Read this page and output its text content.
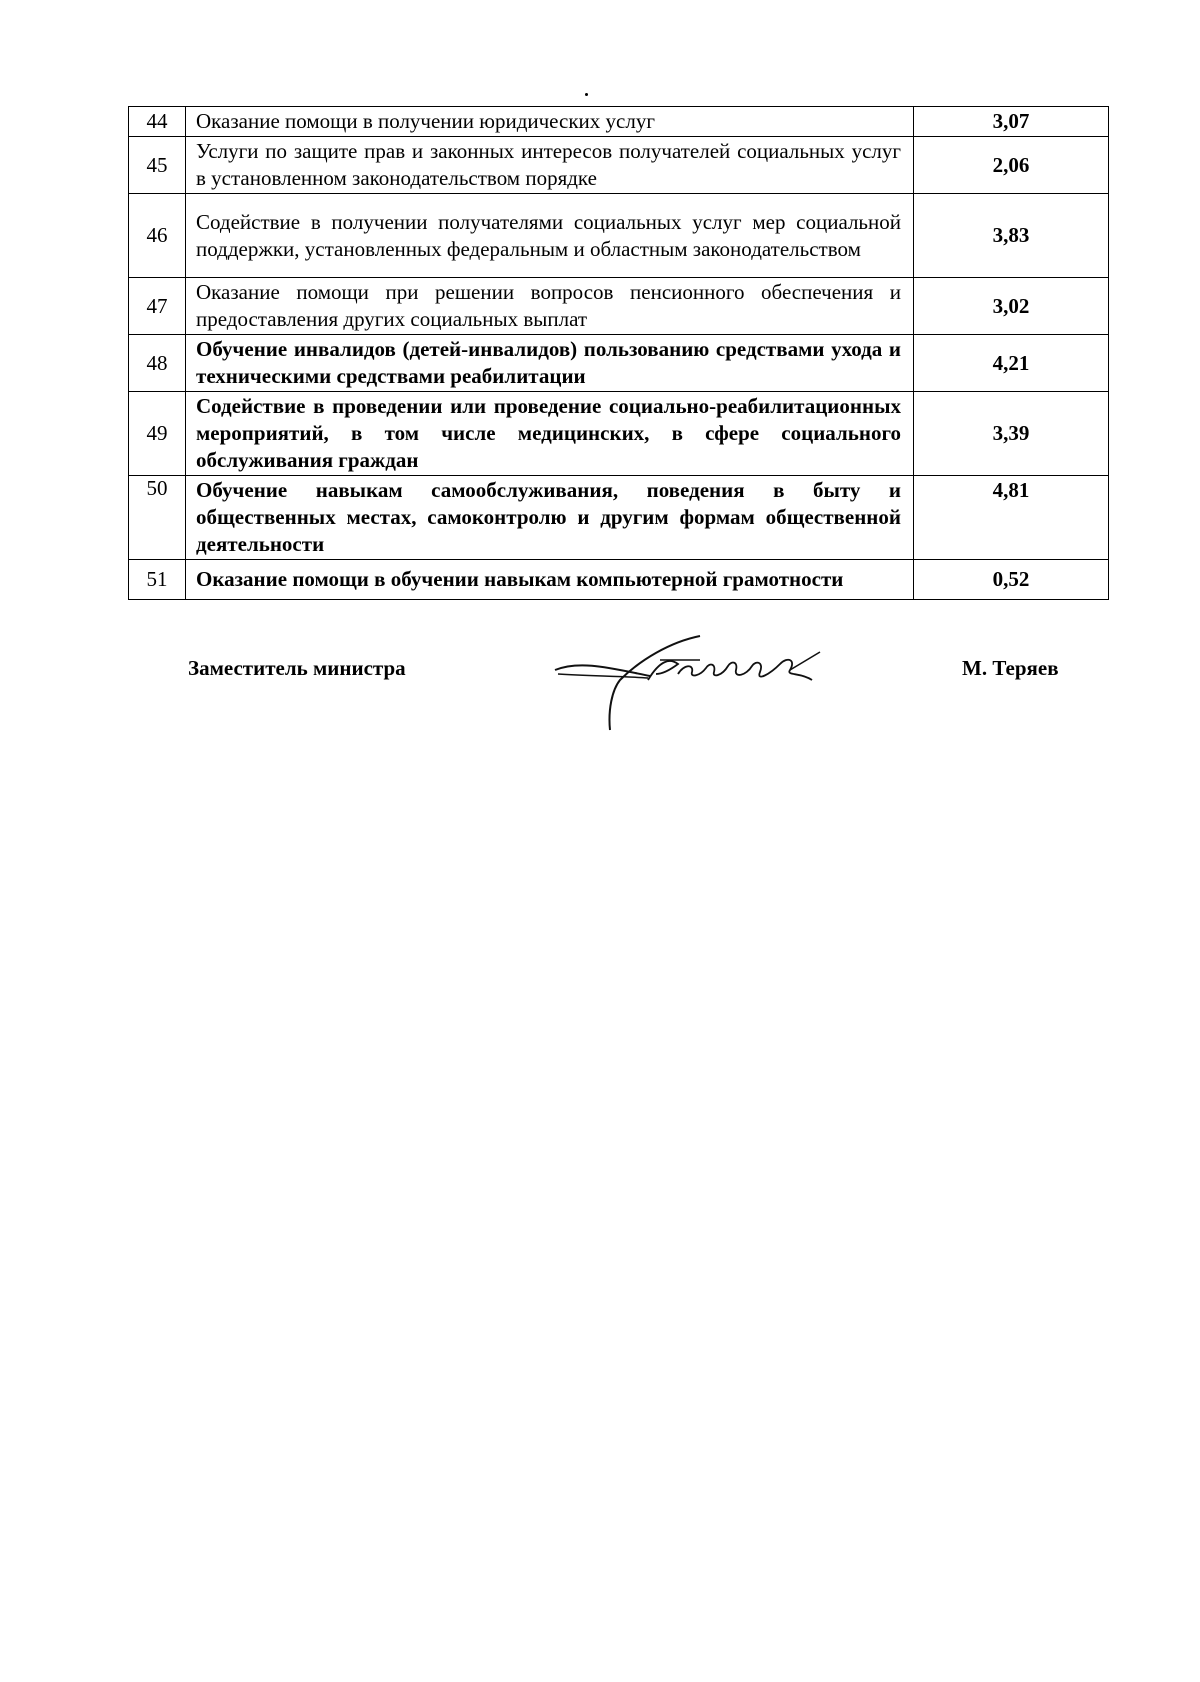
44	Оказание помощи в получении юридических услуг	3,07
45	Услуги по защите прав и законных интересов получателей социальных услуг в установленном законодательством порядке	2,06
46	Содействие в получении получателями социальных услуг мер социальной поддержки, установленных федеральным и областным законодательством	3,83
47	Оказание помощи при решении вопросов пенсионного обеспечения и предоставления других социальных выплат	3,02
48	Обучение инвалидов (детей-инвалидов) пользованию средствами ухода и техническими средствами реабилитации	4,21
49	Содействие в проведении или проведение социально-реабилитационных мероприятий, в том числе медицинских, в сфере социального обслуживания граждан	3,39
50	Обучение навыкам самообслуживания, поведения в быту и общественных местах, самоконтролю и другим формам общественной деятельности	4,81
51	Оказание помощи в обучении навыкам компьютерной грамотности	0,52
Заместитель министра	М. Теряев
